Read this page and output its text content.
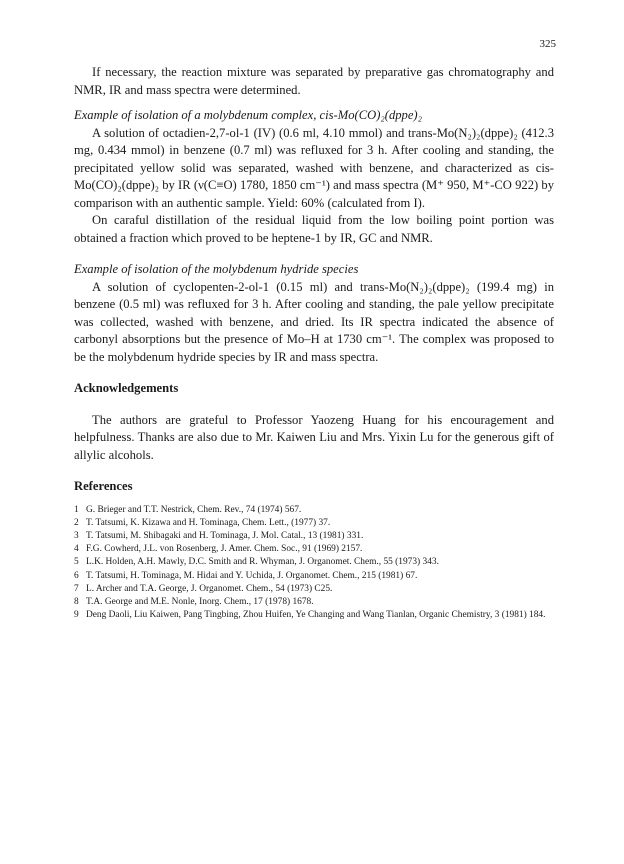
325

If necessary, the reaction mixture was separated by preparative gas chromatography and NMR, IR and mass spectra were determined.

Example of isolation of a molybdenum complex, cis-Mo(CO)₂(dppe)₂

A solution of octadien-2,7-ol-1 (IV) (0.6 ml, 4.10 mmol) and trans-Mo(N₂)₂(dppe)₂ (412.3 mg, 0.434 mmol) in benzene (0.7 ml) was refluxed for 3 h. After cooling and standing, the precipitated yellow solid was separated, washed with benzene, and characterized as cis-Mo(CO)₂(dppe)₂ by IR (ν(C≡O) 1780, 1850 cm⁻¹) and mass spectra (M⁺ 950, M⁺-CO 922) by comparison with an authentic sample. Yield: 60% (calculated from I).

On caraful distillation of the residual liquid from the low boiling point portion was obtained a fraction which proved to be heptene-1 by IR, GC and NMR.

Example of isolation of the molybdenum hydride species

A solution of cyclopenten-2-ol-1 (0.15 ml) and trans-Mo(N₂)₂(dppe)₂ (199.4 mg) in benzene (0.5 ml) was refluxed for 3 h. After cooling and standing, the pale yellow precipitate was collected, washed with benzene, and dried. Its IR spectra indicated the absence of carbonyl absorptions but the presence of Mo–H at 1730 cm⁻¹. The complex was proposed to be the molybdenum hydride species by IR and mass spectra.

Acknowledgements

The authors are grateful to Professor Yaozeng Huang for his encouragement and helpfulness. Thanks are also due to Mr. Kaiwen Liu and Mrs. Yixin Lu for the generous gift of allylic alcohols.

References

1 G. Brieger and T.T. Nestrick, Chem. Rev., 74 (1974) 567.
2 T. Tatsumi, K. Kizawa and H. Tominaga, Chem. Lett., (1977) 37.
3 T. Tatsumi, M. Shibagaki and H. Tominaga, J. Mol. Catal., 13 (1981) 331.
4 F.G. Cowherd, J.L. von Rosenberg, J. Amer. Chem. Soc., 91 (1969) 2157.
5 L.K. Holden, A.H. Mawly, D.C. Smith and R. Whyman, J. Organomet. Chem., 55 (1973) 343.
6 T. Tatsumi, H. Tominaga, M. Hidai and Y. Uchida, J. Organomet. Chem., 215 (1981) 67.
7 L. Archer and T.A. George, J. Organomet. Chem., 54 (1973) C25.
8 T.A. George and M.E. Nonle, Inorg. Chem., 17 (1978) 1678.
9 Deng Daoli, Liu Kaiwen, Pang Tingbing, Zhou Huifen, Ye Changing and Wang Tianlan, Organic Chemistry, 3 (1981) 184.
